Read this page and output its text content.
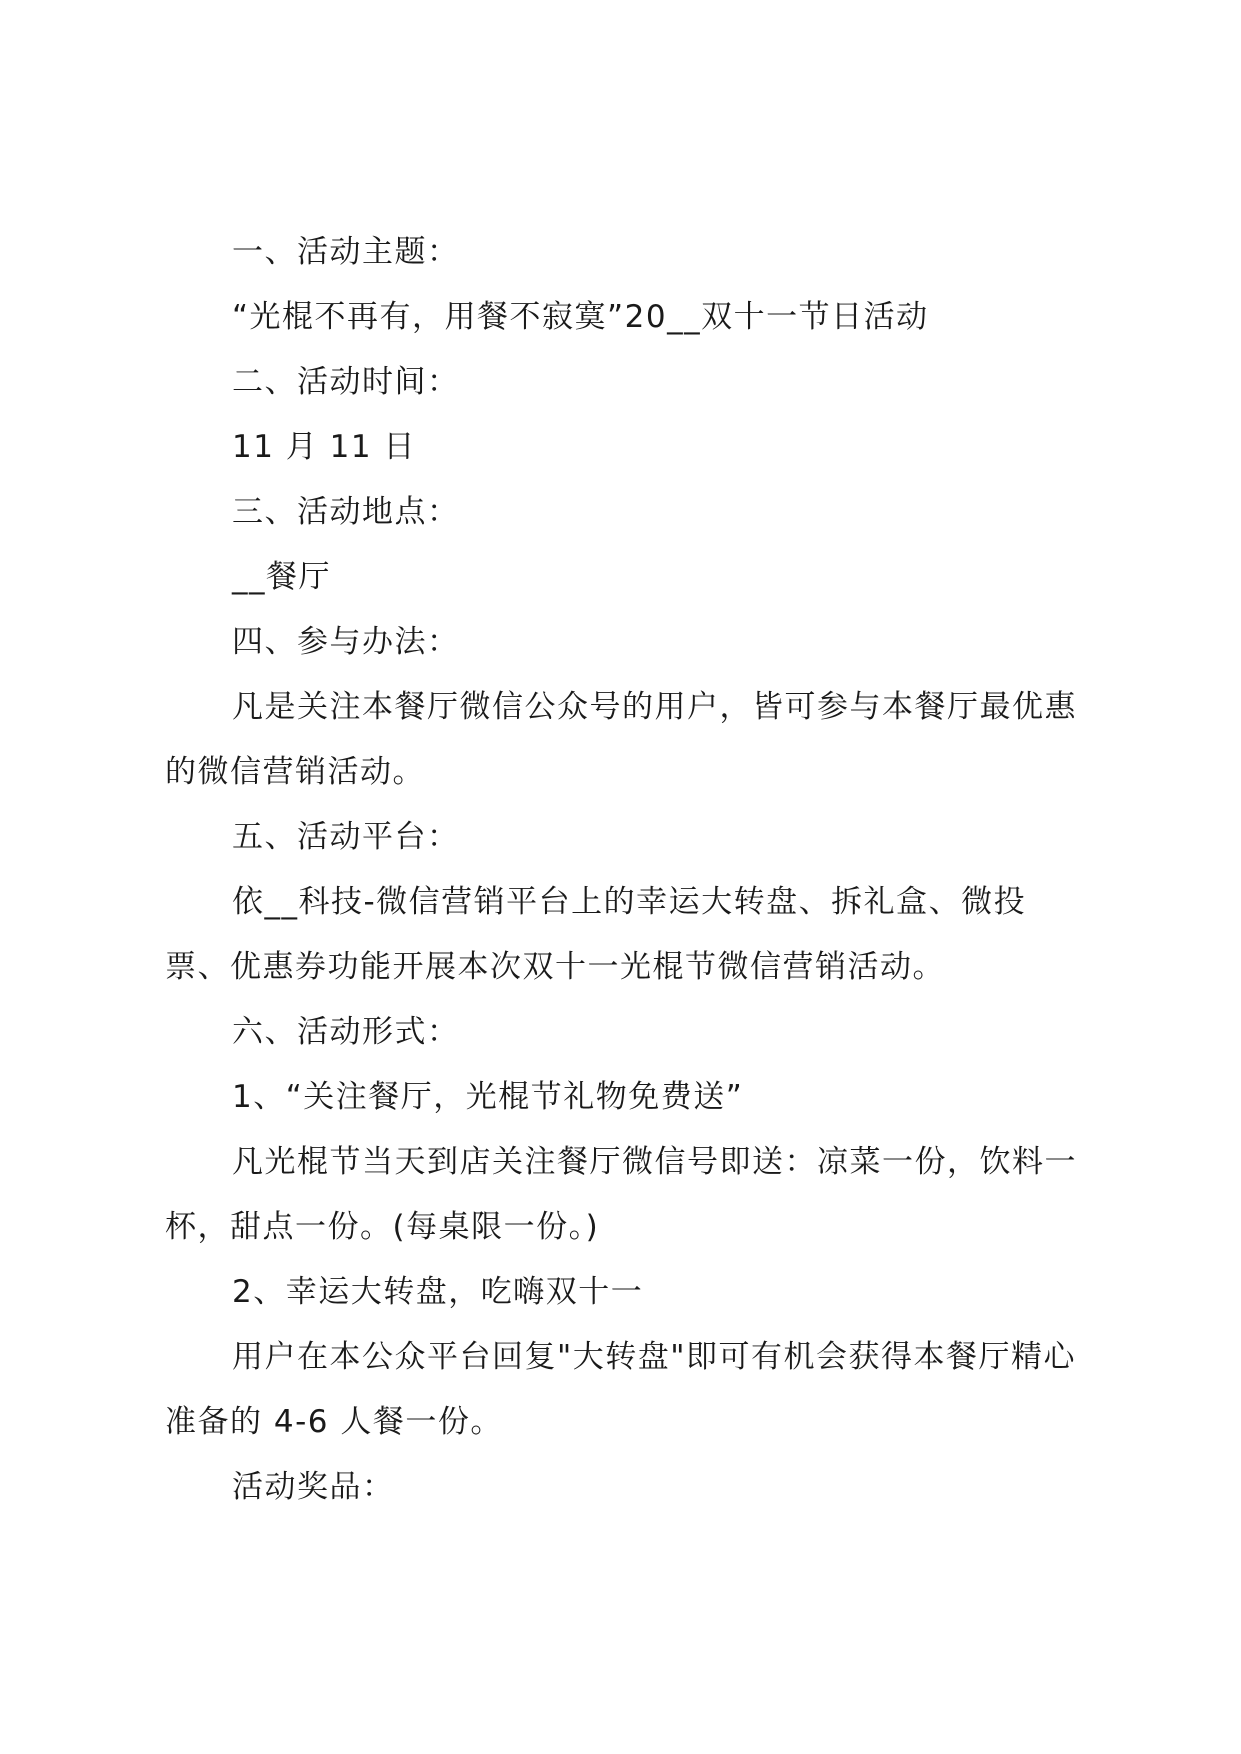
一、活动主题：
“光棍不再有，用餐不寂寞”20__双十一节日活动
二、活动时间：
11 月 11 日
三、活动地点：
__餐厅
四、参与办法：
凡是关注本餐厅微信公众号的用户，皆可参与本餐厅最优惠
的微信营销活动。
五、活动平台：
依__科技-微信营销平台上的幸运大转盘、拆礼盒、微投
票、优惠券功能开展本次双十一光棍节微信营销活动。
六、活动形式：
1、“关注餐厅，光棍节礼物免费送”
凡光棍节当天到店关注餐厅微信号即送：凉菜一份，饮料一
杯，甜点一份。(每桌限一份。)
2、幸运大转盘，吃嗨双十一
用户在本公众平台回复"大转盘"即可有机会获得本餐厅精心
准备的 4-6 人餐一份。
活动奖品：
